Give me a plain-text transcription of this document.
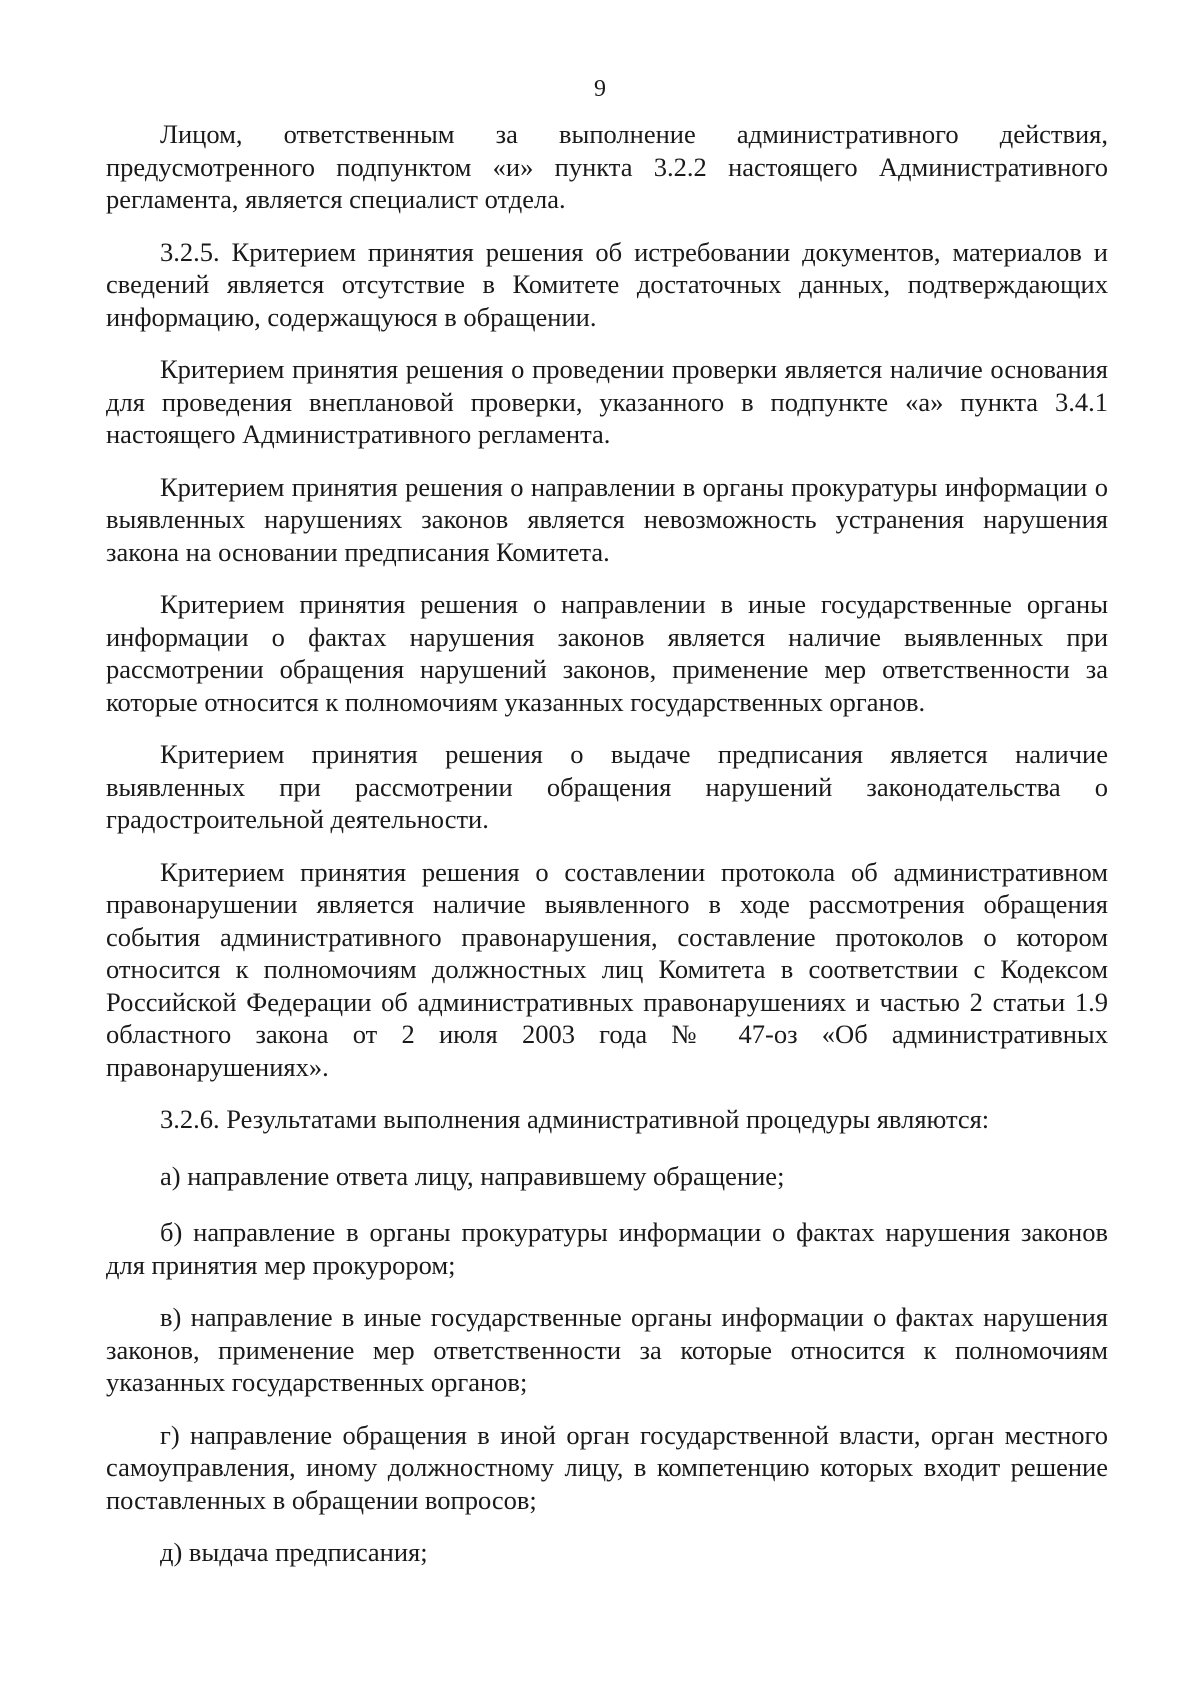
9

Лицом, ответственным за выполнение административного действия, предусмотренного подпунктом «и» пункта 3.2.2 настоящего Административного регламента, является специалист отдела.

3.2.5. Критерием принятия решения об истребовании документов, материалов и сведений является отсутствие в Комитете достаточных данных, подтверждающих информацию, содержащуюся в обращении.

Критерием принятия решения о проведении проверки является наличие основания для проведения внеплановой проверки, указанного в подпункте «а» пункта 3.4.1 настоящего Административного регламента.

Критерием принятия решения о направлении в органы прокуратуры информации о выявленных нарушениях законов является невозможность устранения нарушения закона на основании предписания Комитета.

Критерием принятия решения о направлении в иные государственные органы информации о фактах нарушения законов является наличие выявленных при рассмотрении обращения нарушений законов, применение мер ответственности за которые относится к полномочиям указанных государственных органов.

Критерием принятия решения о выдаче предписания является наличие выявленных при рассмотрении обращения нарушений законодательства о градостроительной деятельности.

Критерием принятия решения о составлении протокола об административном правонарушении является наличие выявленного в ходе рассмотрения обращения события административного правонарушения, составление протоколов о котором относится к полномочиям должностных лиц Комитета в соответствии с Кодексом Российской Федерации об административных правонарушениях и частью 2 статьи 1.9 областного закона от 2 июля 2003 года № 47-оз «Об административных правонарушениях».

3.2.6. Результатами выполнения административной процедуры являются:

а) направление ответа лицу, направившему обращение;

б) направление в органы прокуратуры информации о фактах нарушения законов для принятия мер прокурором;

в) направление в иные государственные органы информации о фактах нарушения законов, применение мер ответственности за которые относится к полномочиям указанных государственных органов;

г) направление обращения в иной орган государственной власти, орган местного самоуправления, иному должностному лицу, в компетенцию которых входит решение поставленных в обращении вопросов;

д) выдача предписания;
